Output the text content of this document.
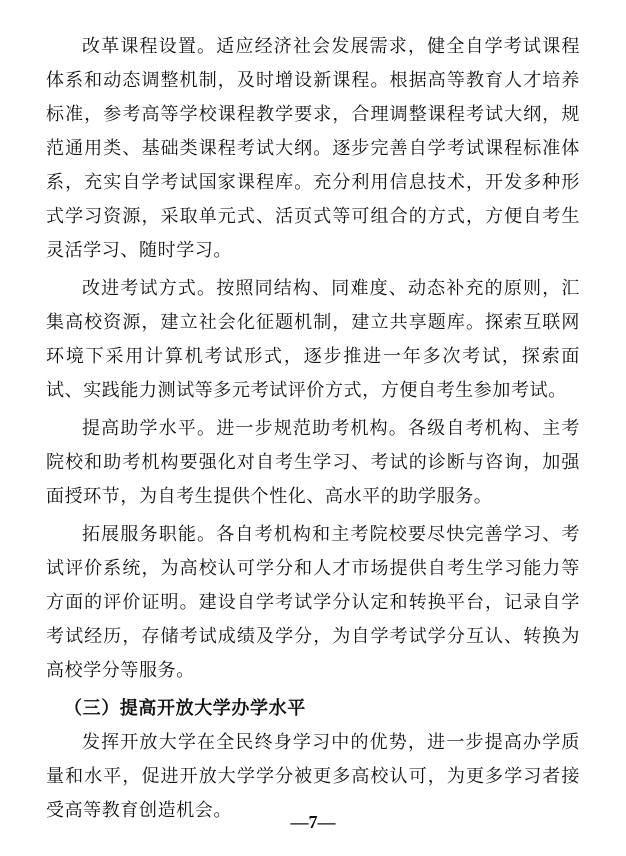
改革课程设置。适应经济社会发展需求，健全自学考试课程体系和动态调整机制，及时增设新课程。根据高等教育人才培养标准，参考高等学校课程教学要求，合理调整课程考试大纲，规范通用类、基础类课程考试大纲。逐步完善自学考试课程标准体系，充实自学考试国家课程库。充分利用信息技术，开发多种形式学习资源，采取单元式、活页式等可组合的方式，方便自考生灵活学习、随时学习。

改进考试方式。按照同结构、同难度、动态补充的原则，汇集高校资源，建立社会化征题机制，建立共享题库。探索互联网环境下采用计算机考试形式，逐步推进一年多次考试，探索面试、实践能力测试等多元考试评价方式，方便自考生参加考试。

提高助学水平。进一步规范助考机构。各级自考机构、主考院校和助考机构要强化对自考生学习、考试的诊断与咨询，加强面授环节，为自考生提供个性化、高水平的助学服务。

拓展服务职能。各自考机构和主考院校要尽快完善学习、考试评价系统，为高校认可学分和人才市场提供自考生学习能力等方面的评价证明。建设自学考试学分认定和转换平台，记录自学考试经历，存储考试成绩及学分，为自学考试学分互认、转换为高校学分等服务。

（三）提高开放大学办学水平

发挥开放大学在全民终身学习中的优势，进一步提高办学质量和水平，促进开放大学学分被更多高校认可，为更多学习者接受高等教育创造机会。

—7—
